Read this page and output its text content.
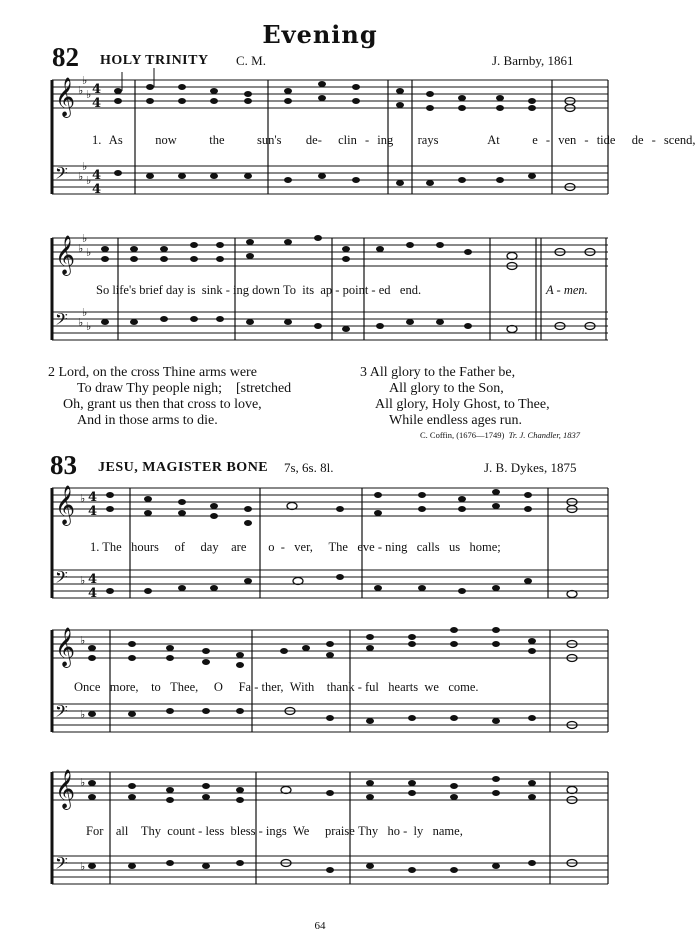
Evening
82 HOLY TRINITY C. M.	J. Barnby, 1861
𝄞
𝄢
♭
♭
♭
♭
♭
♭
4
4
4
4
1. As	now	the	sun's de- clin - ing rays	At	e - ven - tide de - scend,
𝄞
𝄢
♭
♭
♭
♭
♭
♭
So life's brief day is sink - ing down To its ap - point - ed end.	A - men.
2 Lord, on the cross Thine arms were
To draw Thy people nigh; [stretched
Oh, grant us then that cross to love,
And in those arms to die.
3 All glory to the Father be,
All glory to the Son,
All glory, Holy Ghost, to Thee,
While endless ages run.
C. Coffin, (1676—1749) Tr. J. Chandler, 1837
83 JESU, MAGISTER BONE 7s, 6s. 8l.	J. B. Dykes, 1875
𝄞
𝄢
♭
♭
4
4
4
4
1. The hours of day are o - ver, The eve - ning calls us home;
𝄞
𝄢
♭
♭
Once more, to Thee, O Fa - ther, With thank - ful hearts we come.
𝄞
𝄢
♭
♭
For all Thy count - less bless - ings We praise Thy ho - ly name,
64
